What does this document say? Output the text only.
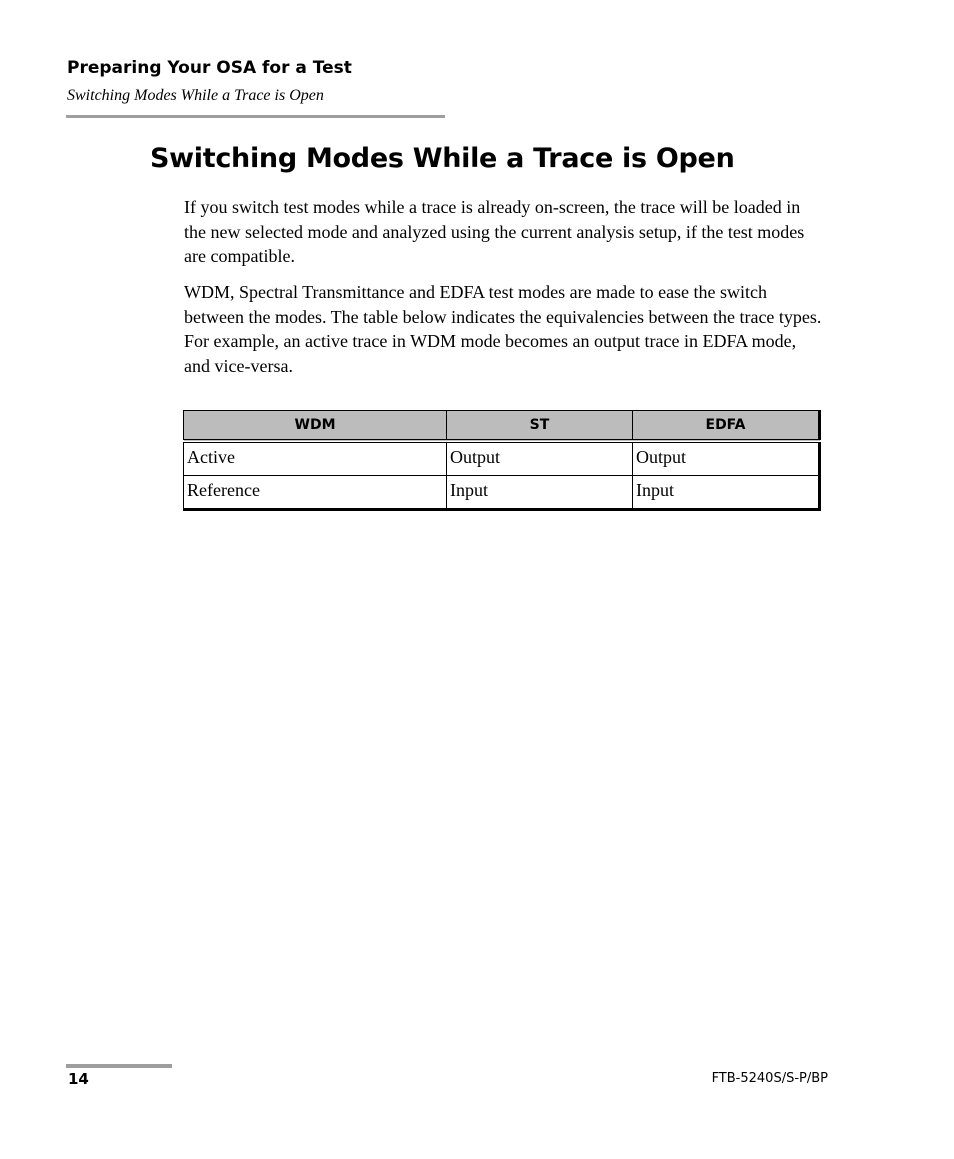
Preparing Your OSA for a Test
Switching Modes While a Trace is Open
Switching Modes While a Trace is Open

If you switch test modes while a trace is already on-screen, the trace will be loaded in the new selected mode and analyzed using the current analysis setup, if the test modes are compatible.

WDM, Spectral Transmittance and EDFA test modes are made to ease the switch between the modes. The table below indicates the equivalencies between the trace types. For example, an active trace in WDM mode becomes an output trace in EDFA mode, and vice-versa.

WDM	ST	EDFA
Active	Output	Output
Reference	Input	Input
14	FTB-5240S/S-P/BP
